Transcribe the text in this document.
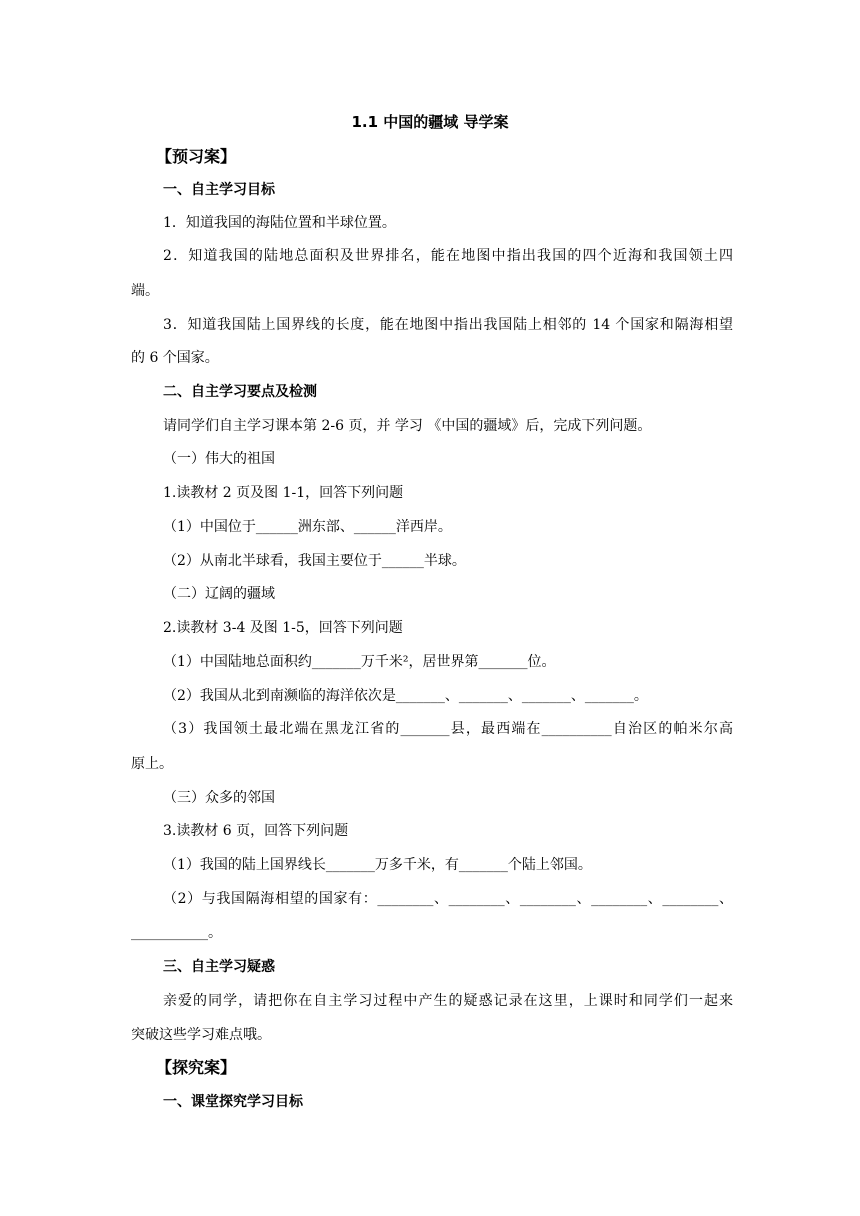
1.1 中国的疆域 导学案
【预习案】
一、自主学习目标
1．知道我国的海陆位置和半球位置。
2．知道我国的陆地总面积及世界排名，能在地图中指出我国的四个近海和我国领土四
端。
3．知道我国陆上国界线的长度，能在地图中指出我国陆上相邻的 14 个国家和隔海相望
的 6 个国家。
二、自主学习要点及检测
请同学们自主学习课本第 2-6 页，并 学习 《中国的疆域》后，完成下列问题。
（一）伟大的祖国
1.读教材 2 页及图 1-1，回答下列问题
（1）中国位于______洲东部、______洋西岸。
（2）从南北半球看，我国主要位于______半球。
（二）辽阔的疆域
2.读教材 3-4 及图 1-5，回答下列问题
（1）中国陆地总面积约_______万千米²，居世界第_______位。
（2）我国从北到南濒临的海洋依次是_______、_______、_______、_______。
（3）我国领土最北端在黑龙江省的_______县，最西端在__________自治区的帕米尔高
原上。
（三）众多的邻国
3.读教材 6 页，回答下列问题
（1）我国的陆上国界线长_______万多千米，有_______个陆上邻国。
（2）与我国隔海相望的国家有：________、________、________、________、________、
___________。
三、自主学习疑惑
亲爱的同学，请把你在自主学习过程中产生的疑惑记录在这里，上课时和同学们一起来
突破这些学习难点哦。
【探究案】
一、课堂探究学习目标
